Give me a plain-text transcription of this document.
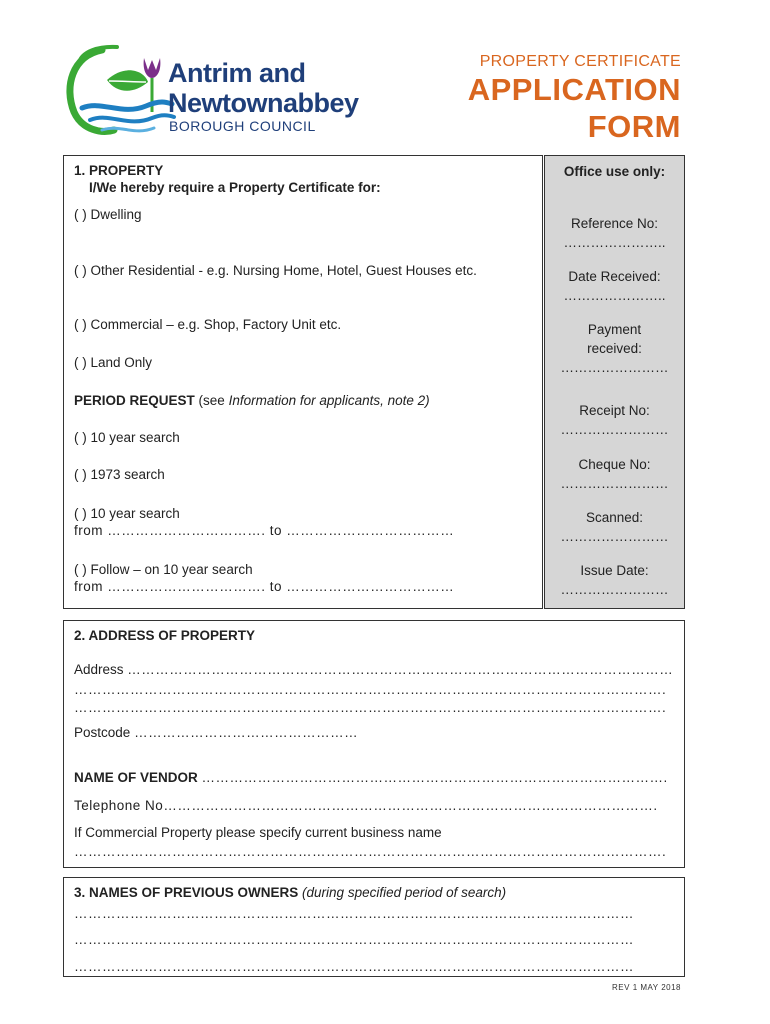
Antrim and
Newtownabbey
BOROUGH COUNCIL
PROPERTY CERTIFICATE
APPLICATION
FORM
1. PROPERTY
I/We hereby require a Property Certificate for:
( ) Dwelling
( ) Other Residential - e.g. Nursing Home, Hotel, Guest Houses etc.
( ) Commercial – e.g. Shop, Factory Unit etc.
( ) Land Only
PERIOD REQUEST (see Information for applicants, note 2)
( ) 10 year search
( ) 1973 search
( ) 10 year search
from ……………………………. to ………………………………
( ) Follow – on 10 year search
from ……………………………. to ………………………………
Office use only:
Reference No:
…………………..
Date Received:
…………………..
Payment
received:
……………………
Receipt No:
……………………
Cheque No:
……………………
Scanned:
……………………
Issue Date:
……………………
2. ADDRESS OF PROPERTY
Address ………………………………………………………………………………………………………
……………………………………………………………………………………………………………….
……………………………………………………………………………………………………………….
Postcode …………………………………………
NAME OF VENDOR ……………………………………………………………………………………….
Telephone No…………………………………………………………………………………………….
If Commercial Property please specify current business name
……………………………………………………………………………………………………………….
3. NAMES OF PREVIOUS OWNERS (during specified period of search)
…………………………………………………………………………………………………………
…………………………………………………………………………………………………………
…………………………………………………………………………………………………………
REV 1 MAY 2018
